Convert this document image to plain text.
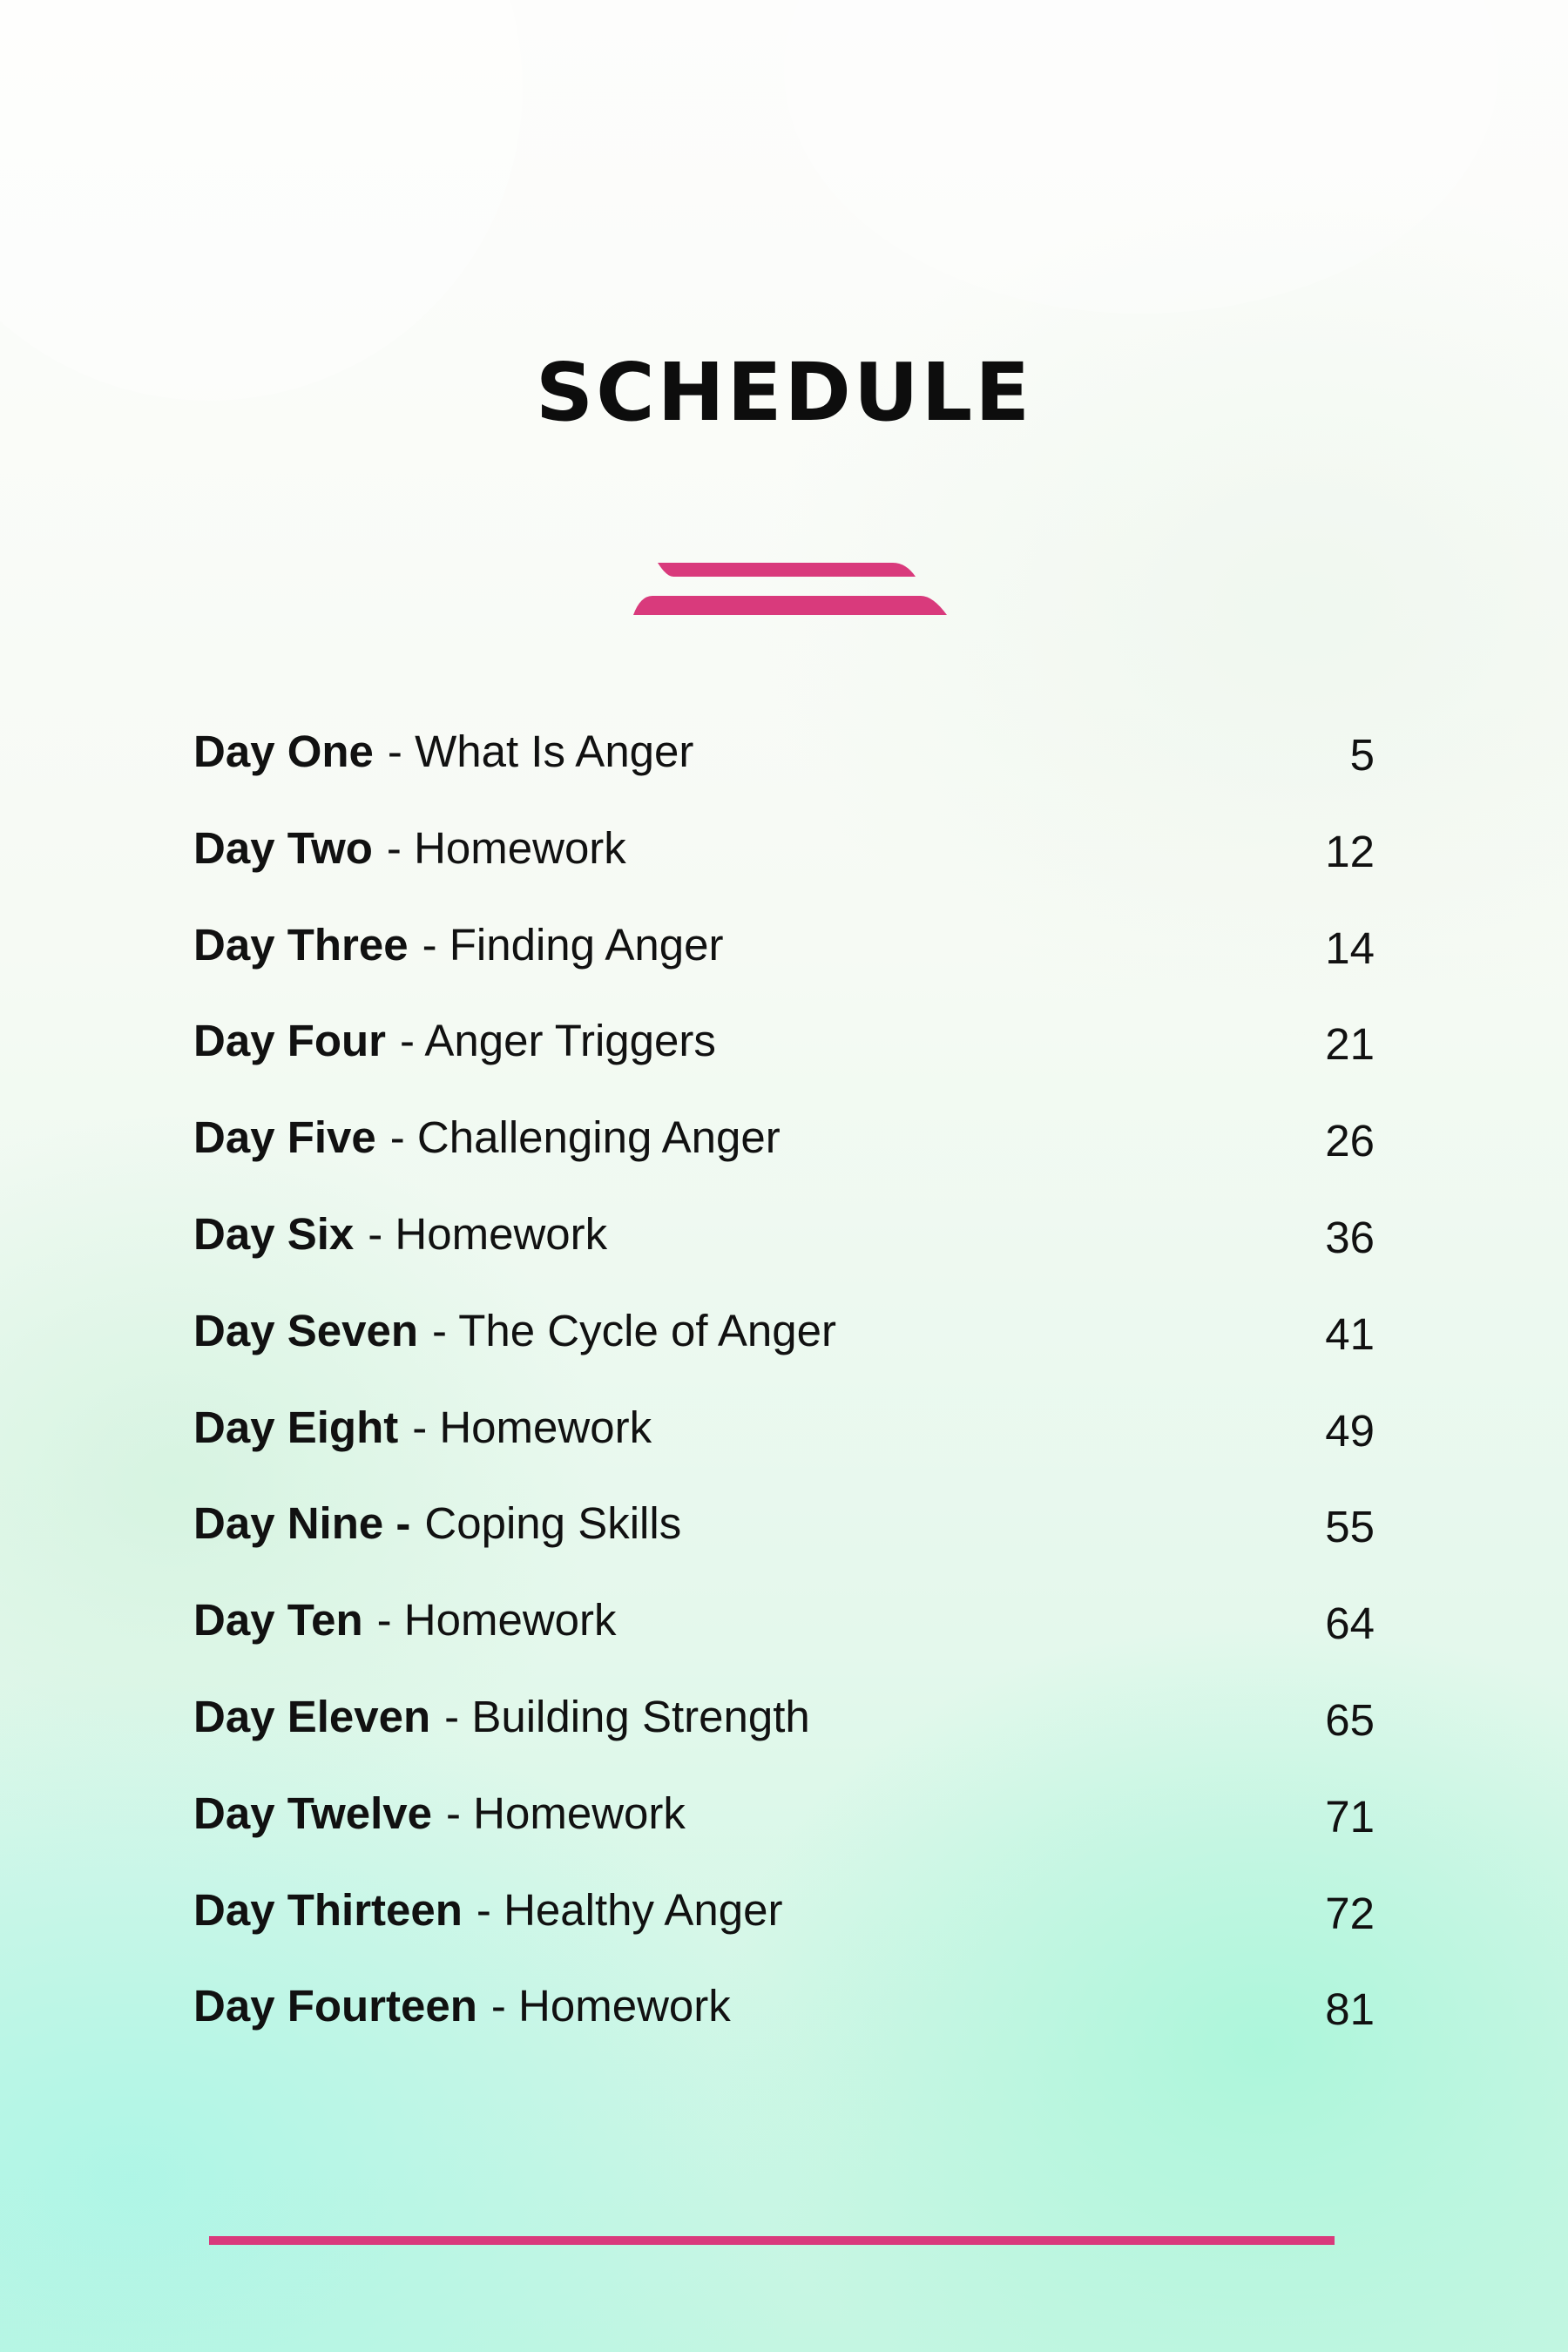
SCHEDULE
Day One - What Is Anger	5
Day Two - Homework	12
Day Three - Finding Anger	14
Day Four - Anger Triggers	21
Day Five - Challenging Anger	26
Day Six - Homework	36
Day Seven - The Cycle of Anger	41
Day Eight - Homework	49
Day Nine - Coping Skills	55
Day Ten - Homework	64
Day Eleven - Building Strength	65
Day Twelve - Homework	71
Day Thirteen - Healthy Anger	72
Day Fourteen - Homework	81
